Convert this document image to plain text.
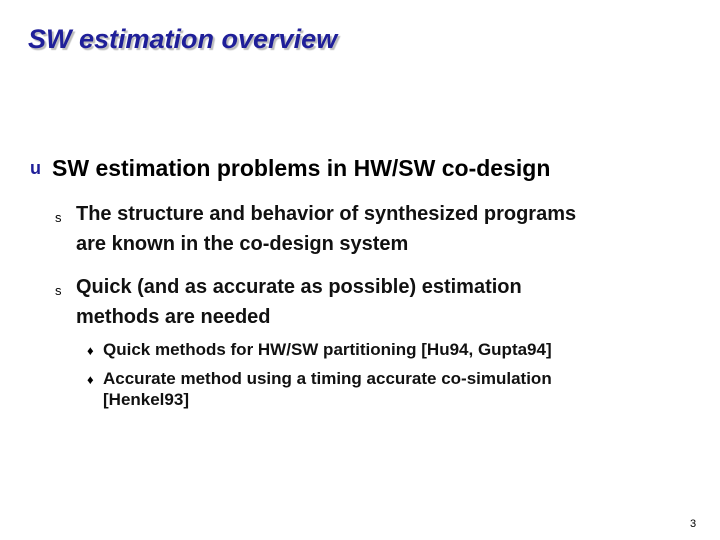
SW estimation overview
u SW estimation problems in HW/SW co-design
s The structure and behavior of synthesized programs
are known in the co-design system
s Quick (and as accurate as possible) estimation
methods are needed
♦ Quick methods for HW/SW partitioning [Hu94, Gupta94]
♦ Accurate method using a timing accurate co-simulation
[Henkel93]
3
